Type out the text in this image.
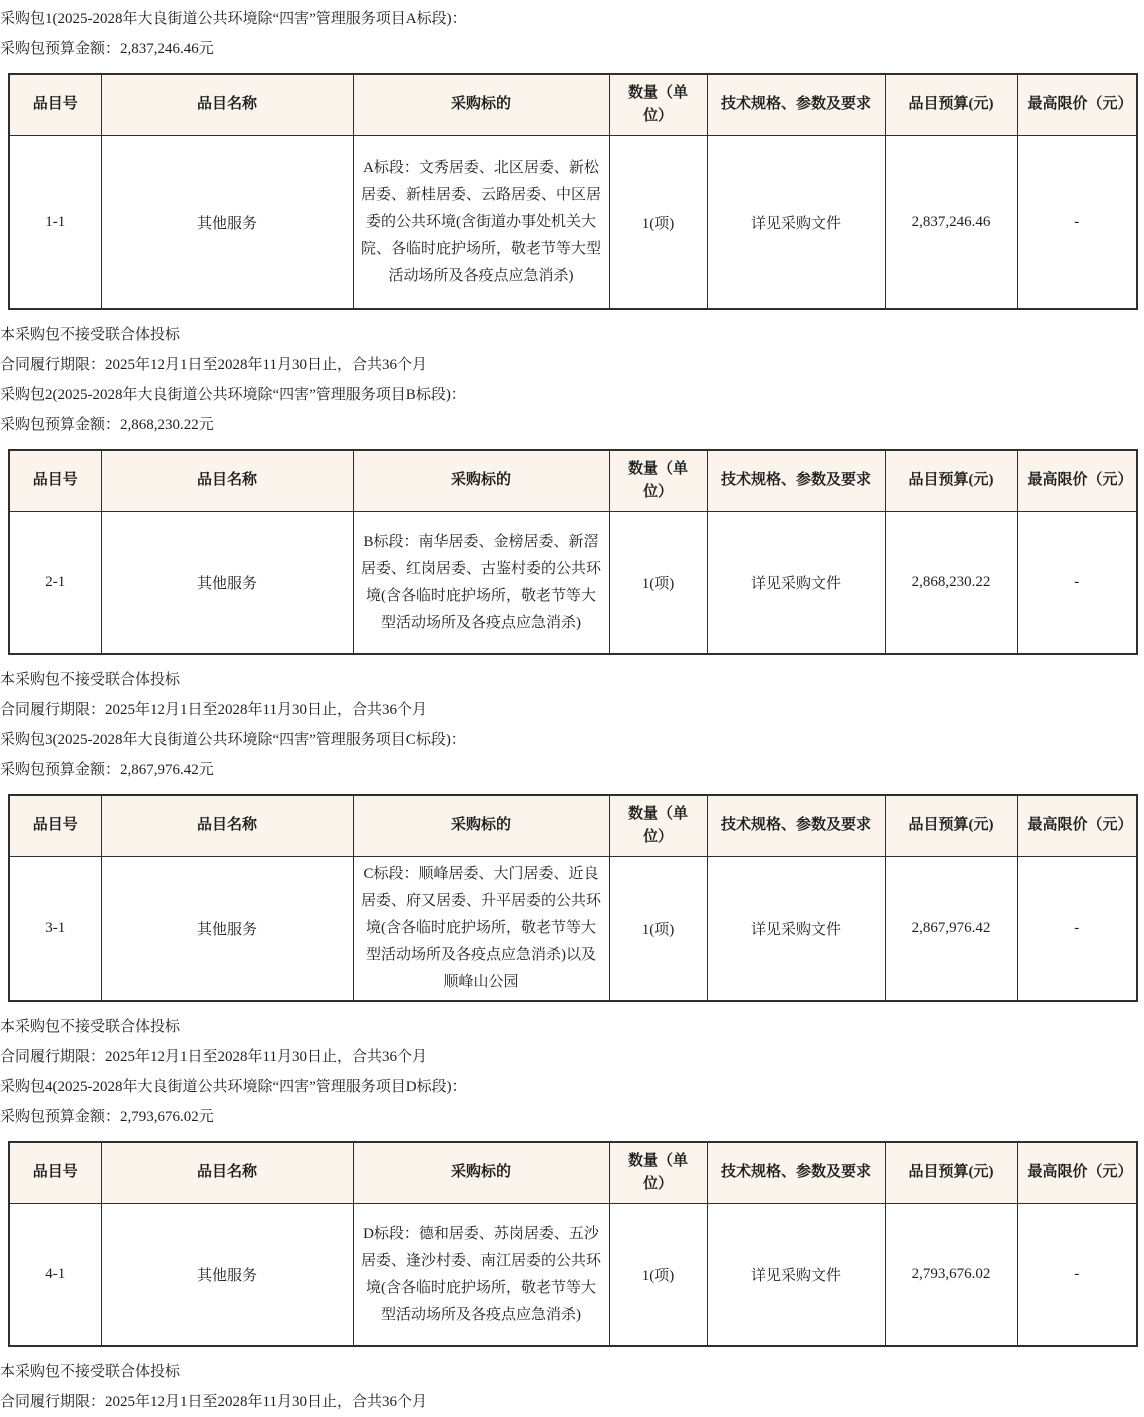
采购包1(2025-2028年大良街道公共环境除“四害”管理服务项目A标段)：

采购包预算金额：2,837,246.46元

品目号	品目名称	采购标的	数量（单位）	技术规格、参数及要求	品目预算(元)	最高限价（元）
1-1	其他服务	A标段：文秀居委、北区居委、新松居委、新桂居委、云路居委、中区居委的公共环境(含街道办事处机关大院、各临时庇护场所，敬老节等大型活动场所及各疫点应急消杀)	1(项)	详见采购文件	2,837,246.46	-

本采购包不接受联合体投标

合同履行期限：2025年12月1日至2028年11月30日止，合共36个月

采购包2(2025-2028年大良街道公共环境除“四害”管理服务项目B标段)：

采购包预算金额：2,868,230.22元

品目号	品目名称	采购标的	数量（单位）	技术规格、参数及要求	品目预算(元)	最高限价（元）
2-1	其他服务	B标段：南华居委、金榜居委、新滘居委、红岗居委、古鉴村委的公共环境(含各临时庇护场所，敬老节等大型活动场所及各疫点应急消杀)	1(项)	详见采购文件	2,868,230.22	-

本采购包不接受联合体投标

合同履行期限：2025年12月1日至2028年11月30日止，合共36个月

采购包3(2025-2028年大良街道公共环境除“四害”管理服务项目C标段)：

采购包预算金额：2,867,976.42元

品目号	品目名称	采购标的	数量（单位）	技术规格、参数及要求	品目预算(元)	最高限价（元）
3-1	其他服务	C标段：顺峰居委、大门居委、近良居委、府又居委、升平居委的公共环境(含各临时庇护场所，敬老节等大型活动场所及各疫点应急消杀)以及顺峰山公园	1(项)	详见采购文件	2,867,976.42	-

本采购包不接受联合体投标

合同履行期限：2025年12月1日至2028年11月30日止，合共36个月

采购包4(2025-2028年大良街道公共环境除“四害”管理服务项目D标段)：

采购包预算金额：2,793,676.02元

品目号	品目名称	采购标的	数量（单位）	技术规格、参数及要求	品目预算(元)	最高限价（元）
4-1	其他服务	D标段：德和居委、苏岗居委、五沙居委、逢沙村委、南江居委的公共环境(含各临时庇护场所，敬老节等大型活动场所及各疫点应急消杀)	1(项)	详见采购文件	2,793,676.02	-

本采购包不接受联合体投标

合同履行期限：2025年12月1日至2028年11月30日止，合共36个月
